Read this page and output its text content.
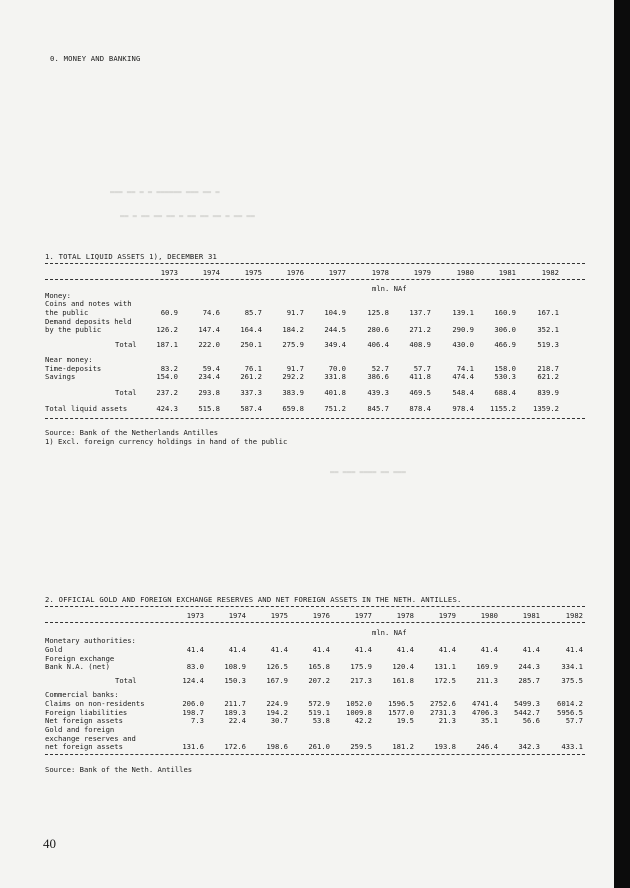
0. MONEY AND BANKING
▬▬▬ ▬▬ ▬ ▬ ▬▬▬▬▬▬ ▬▬▬ ▬▬ ▬
▬▬ ▬ ▬▬ ▬▬ ▬▬ ▬ ▬▬ ▬▬ ▬▬ ▬ ▬▬ ▬▬
▬▬ ▬▬▬ ▬▬▬▬ ▬▬ ▬▬▬
1. TOTAL LIQUID ASSETS 1), DECEMBER 31
1973	1974	1975	1976	1977	1978	1979	1980	1981	1982
mln. NAf
Money:
Coins and notes with
the public	60.9	74.6	85.7	91.7	104.9	125.8	137.7	139.1	160.9	167.1
Demand deposits held
by the public	126.2	147.4	164.4	184.2	244.5	280.6	271.2	290.9	306.0	352.1
Total	187.1	222.0	250.1	275.9	349.4	406.4	408.9	430.0	466.9	519.3
Near money:
Time-deposits	83.2	59.4	76.1	91.7	70.0	52.7	57.7	74.1	158.0	218.7
Savings	154.0	234.4	261.2	292.2	331.8	386.6	411.8	474.4	530.3	621.2
Total	237.2	293.8	337.3	383.9	401.8	439.3	469.5	548.4	688.4	839.9
Total liquid assets	424.3	515.8	587.4	659.8	751.2	845.7	878.4	978.4	1155.2	1359.2
Source: Bank of the Netherlands Antilles
1) Excl. foreign currency holdings in hand of the public
2. OFFICIAL GOLD AND FOREIGN EXCHANGE RESERVES AND NET FOREIGN ASSETS IN THE NETH. ANTILLES.
1973	1974	1975	1976	1977	1978	1979	1980	1981	1982
mln. NAf
Monetary authorities:
Gold	41.4	41.4	41.4	41.4	41.4	41.4	41.4	41.4	41.4	41.4
Foreign exchange
Bank N.A. (net)	83.0	108.9	126.5	165.8	175.9	120.4	131.1	169.9	244.3	334.1
Total	124.4	150.3	167.9	207.2	217.3	161.8	172.5	211.3	285.7	375.5
Commercial banks:
Claims on non-residents	206.0	211.7	224.9	572.9	1052.0	1596.5	2752.6	4741.4	5499.3	6014.2
Foreign liabilities	198.7	189.3	194.2	519.1	1009.8	1577.0	2731.3	4706.3	5442.7	5956.5
Net foreign assets	7.3	22.4	30.7	53.8	42.2	19.5	21.3	35.1	56.6	57.7
Gold and foreign
exchange reserves and
net foreign assets	131.6	172.6	198.6	261.0	259.5	181.2	193.8	246.4	342.3	433.1
Source: Bank of the Neth. Antilles
40
